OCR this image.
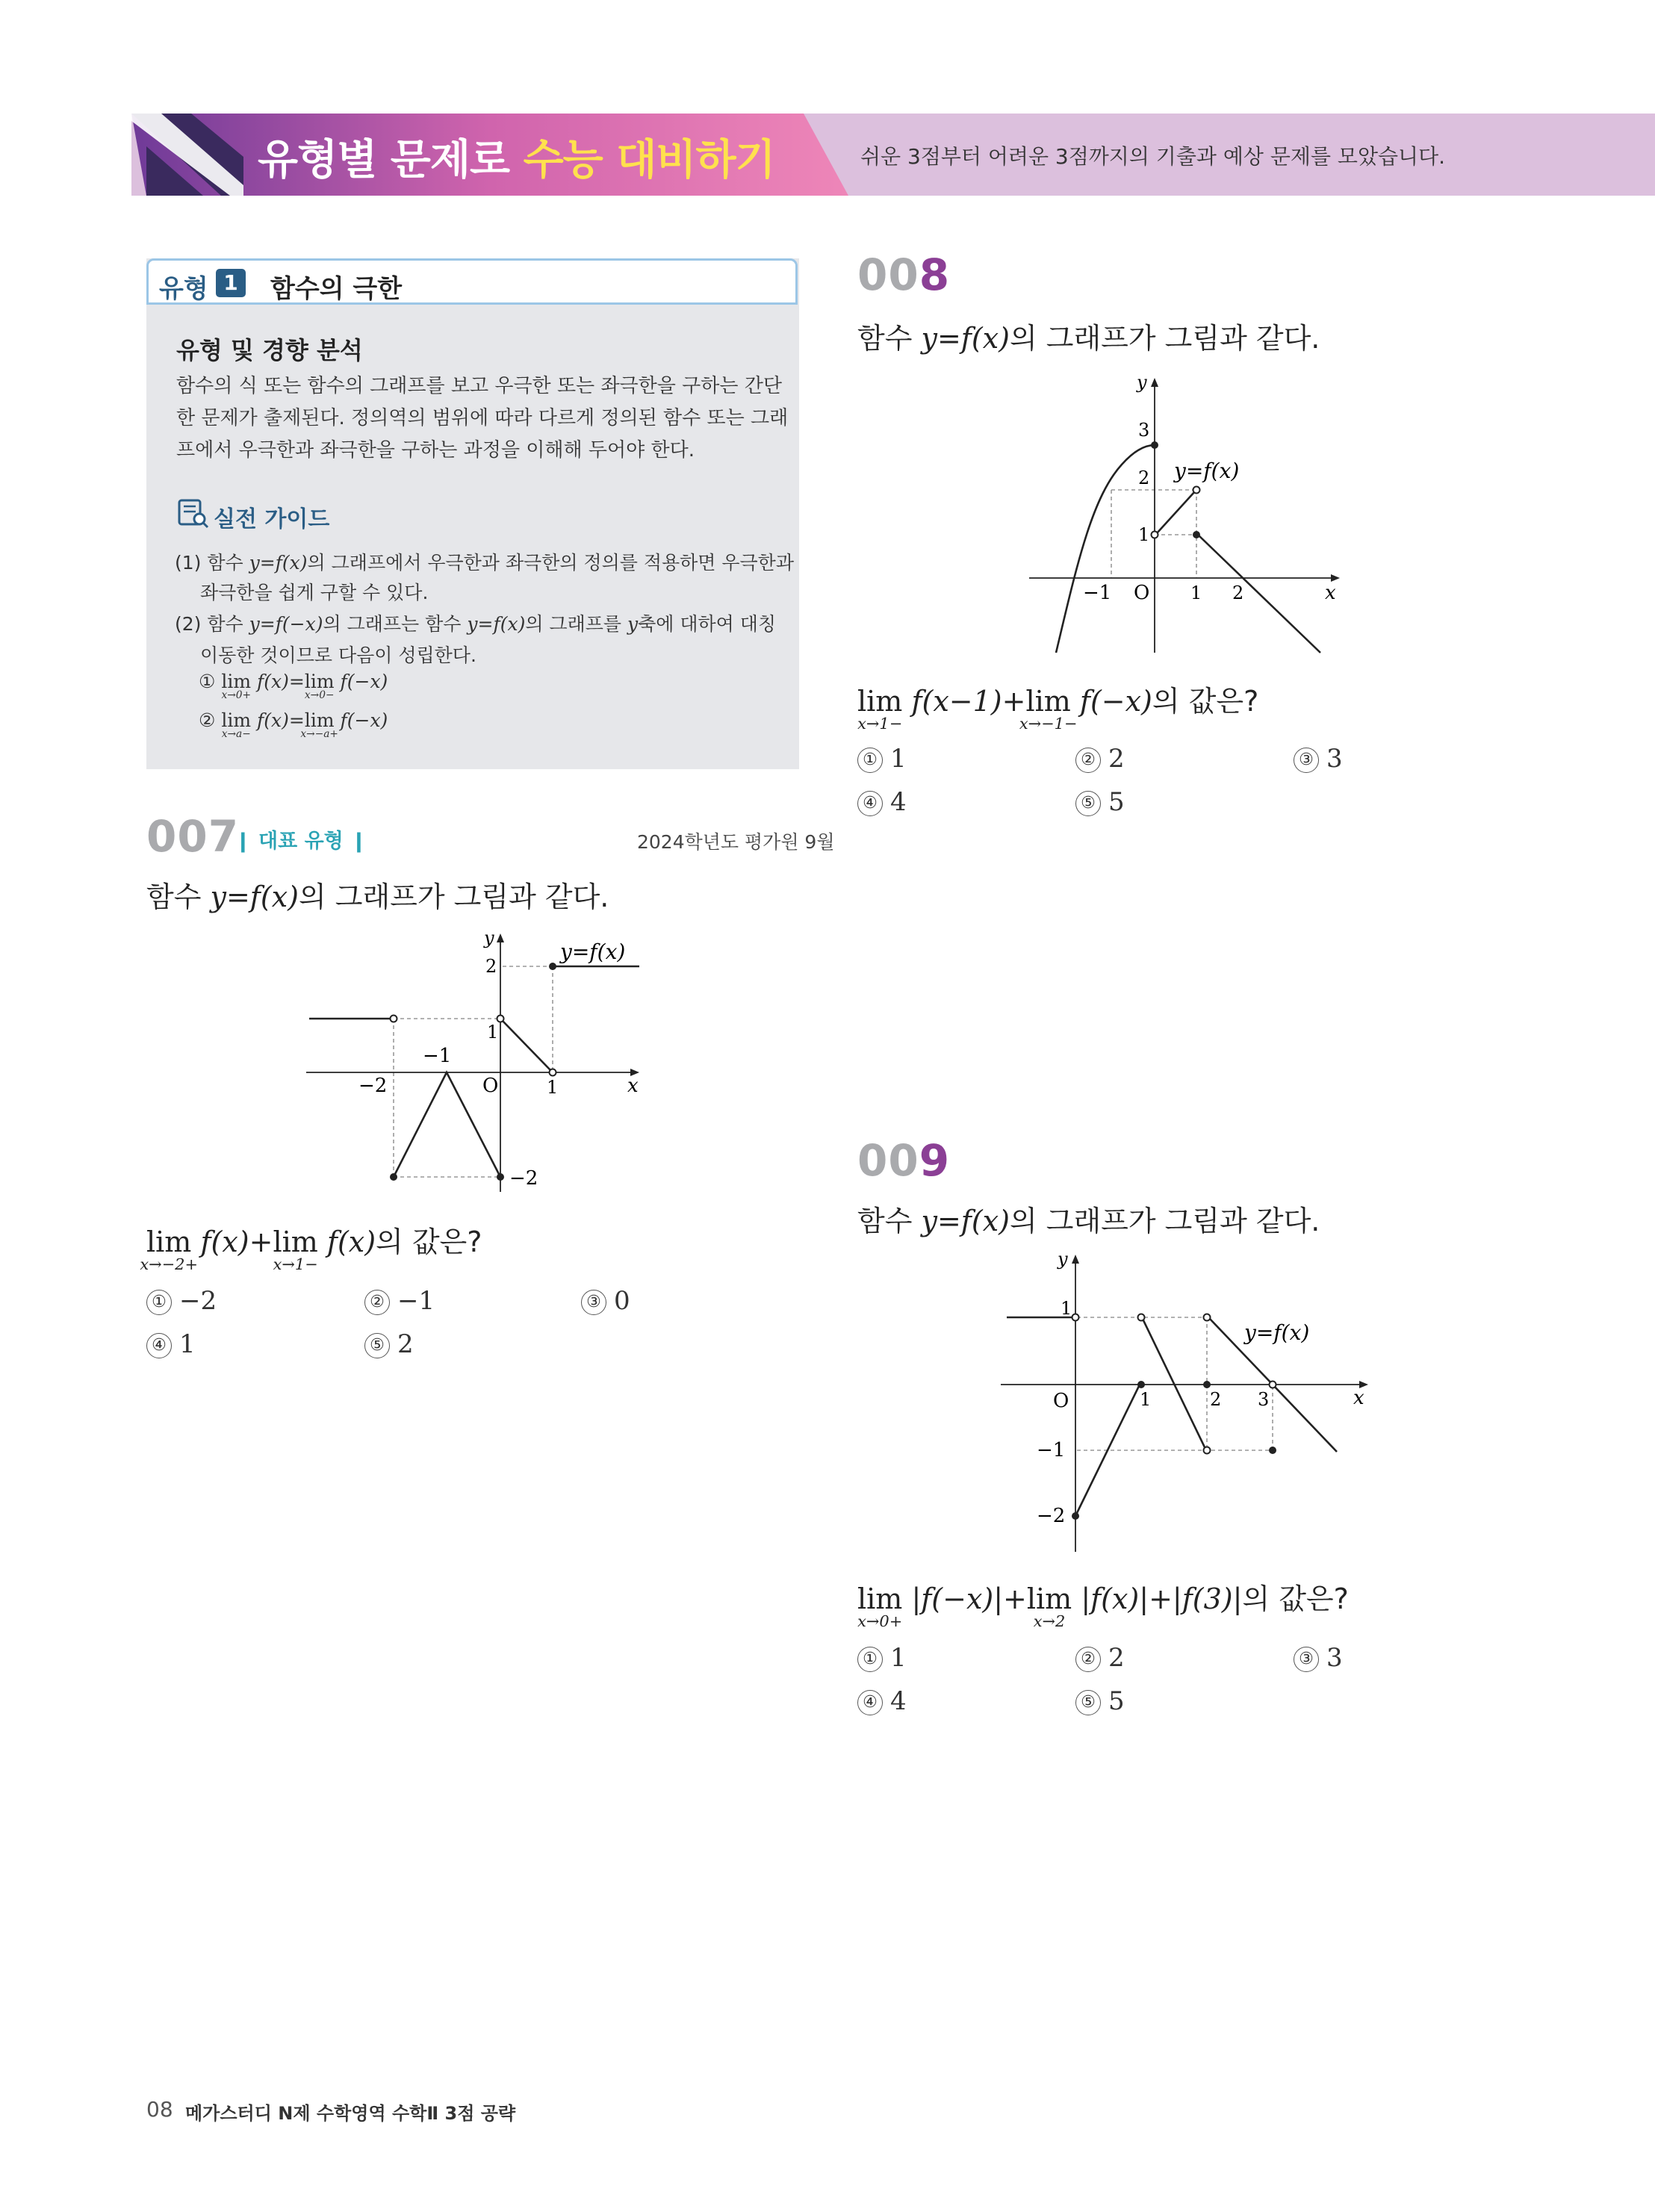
유형별 문제로 수능 대비하기	쉬운 3점부터 어려운 3점까지의 기출과 예상 문제를 모았습니다.
유형 1	함수의 극한
유형 및 경향 분석
함수의 식 또는 함수의 그래프를 보고 우극한 또는 좌극한을 구하는 간단한 문제가 출제된다. 정의역의 범위에 따라 다르게 정의된 함수 또는 그래프에서 우극한과 좌극한을 구하는 과정을 이해해 두어야 한다.
실전 가이드
(1) 함수 y=f(x)의 그래프에서 우극한과 좌극한의 정의를 적용하면 우극한과
좌극한을 쉽게 구할 수 있다.
(2) 함수 y=f(−x)의 그래프는 함수 y=f(x)의 그래프를 y축에 대하여 대칭
이동한 것이므로 다음이 성립한다.
① lim
x→0+
f(x)=lim
x→0−
f(−x)
② lim
x→a−
f(x)=lim
x→−a+
f(−x)
007
❙ 대표 유형 ❙	2024학년도 평가원 9월
함수 y=f(x)의 그래프가 그림과 같다.
y
x
O
y=f(x)
2
1
−1
−2
−2	1
lim
x→−2+
f(x)+lim
x→1−
f(x)의 값은?
① −2	② −1	③ 0
④ 1	⑤ 2
008
함수 y=f(x)의 그래프가 그림과 같다.
y
x
O
y=f(x)
3
2
1
−1	1 2
lim
x→1−
f(x−1)+lim
x→−1−
f(−x)의 값은?
① 1	② 2	③ 3
④ 4	⑤ 5
009
함수 y=f(x)의 그래프가 그림과 같다.
y
x
O
y=f(x)
1
−1
−2
1	2 3
lim
x→0+
|f(−x)|+lim
x→2
|f(x)|+|f(3)|의 값은?
① 1	② 2	③ 3
④ 4	⑤ 5
08 메가스터디 N제 수학영역 수학Ⅱ 3점 공략
